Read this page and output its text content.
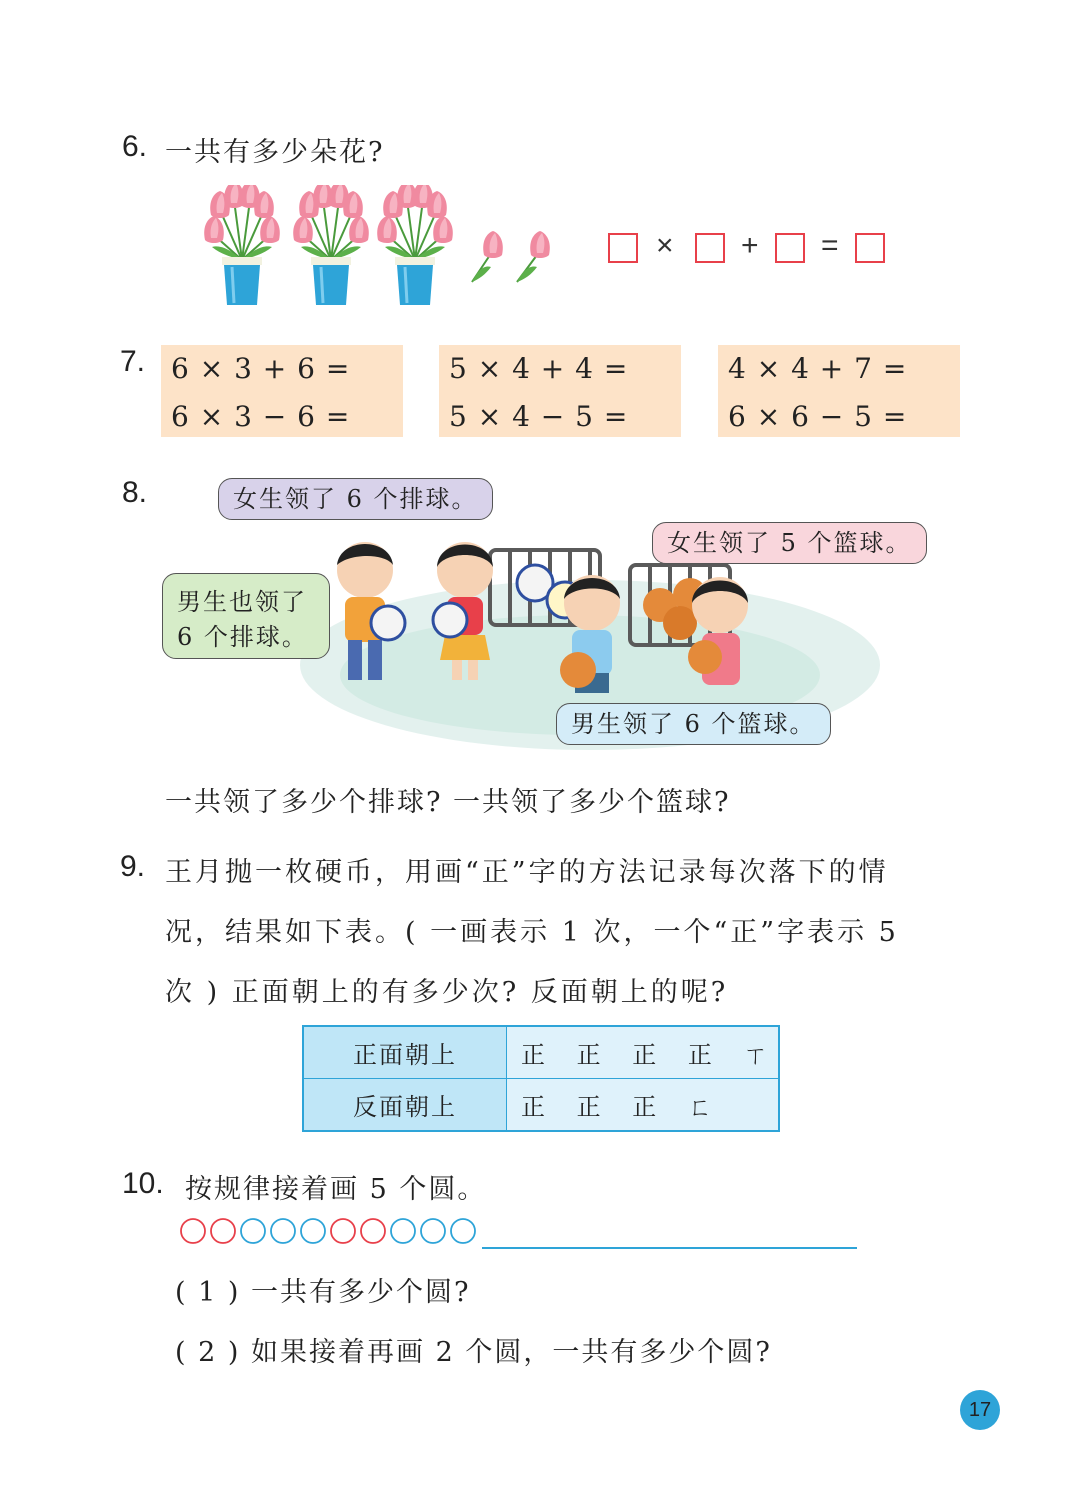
6. 一共有多少朵花?
× + =
7. 6 × 3 + 6 =
6 × 3 − 6 =
5 × 4 + 4 =
5 × 4 − 5 =
4 × 4 + 7 =
6 × 6 − 5 =
8.	女生领了 6 个排球。
男生也领了
6 个排球。
女生领了 5 个篮球。
男生领了 6 个篮球。
一共领了多少个排球? 一共领了多少个篮球?
9. 王月抛一枚硬币，用画“正”字的方法记录每次落下的情
况，结果如下表。( 一画表示 1 次，一个“正”字表示 5
次 ) 正面朝上的有多少次? 反面朝上的呢?
正面朝上	正 正 正 正 ㄒ
反面朝上	正 正 正 ㄈ
10. 按规律接着画 5 个圆。
( 1 ) 一共有多少个圆?
( 2 ) 如果接着再画 2 个圆，一共有多少个圆?
17
